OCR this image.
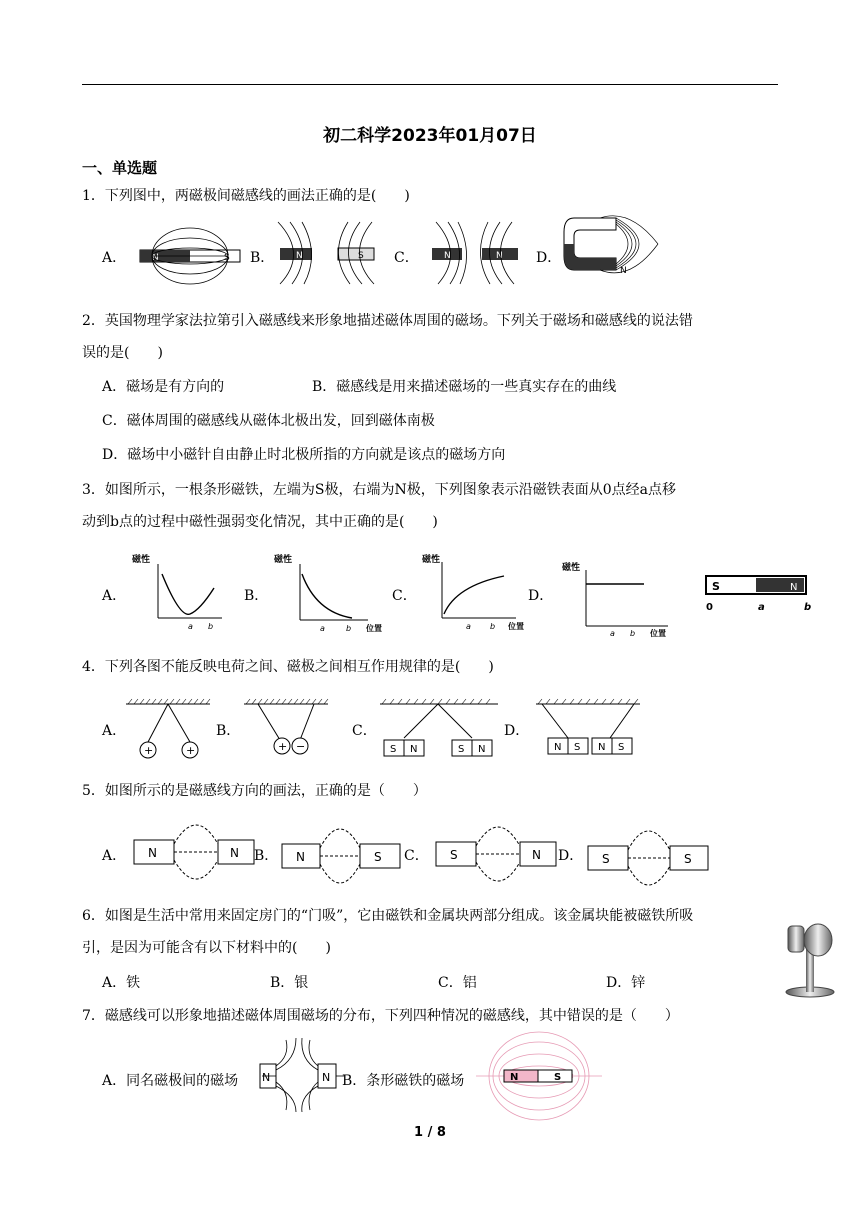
初二科学2023年01月07日
一、单选题
1．下列图中，两磁极间磁感线的画法正确的是(　　)
A．	B．	C．	D．
N	S	N	S	N	N
N
2．英国物理学家法拉第引入磁感线来形象地描述磁体周围的磁场。下列关于磁场和磁感线的说法错
误的是(　　)
A．磁场是有方向的	B．磁感线是用来描述磁场的一些真实存在的曲线
C．磁体周围的磁感线从磁体北极出发，回到磁体南极
D．磁场中小磁针自由静止时北极所指的方向就是该点的磁场方向
3．如图所示，一根条形磁铁，左端为S极，右端为N极，下列图象表示沿磁铁表面从0点经a点移
动到b点的过程中磁性强弱变化情况，其中正确的是(　　)
A．	B．	C．	D．
磁性
a b
磁性
a	b 位置
磁性
a b 位置
磁性
a b 位置
S	N
0	a	b
4．下列各图不能反映电荷之间、磁极之间相互作用规律的是(　　)
A．	B．	C．	D．
+	+	+ −	S N	S N	N S N S
5．如图所示的是磁感线方向的画法，正确的是（　　）
A．	B．	C．	D．
N	N	N	S	S	N	S	S
6．如图是生活中常用来固定房门的“门吸”，它由磁铁和金属块两部分组成。该金属块能被磁铁所吸
引，是因为可能含有以下材料中的(　　)
A．铁	B．银	C．铝	D．锌
7．磁感线可以形象地描述磁体周围磁场的分布，下列四种情况的磁感线，其中错误的是（　　）
A．同名磁极间的磁场 N	N B．条形磁铁的磁场	N	S
1 / 8
